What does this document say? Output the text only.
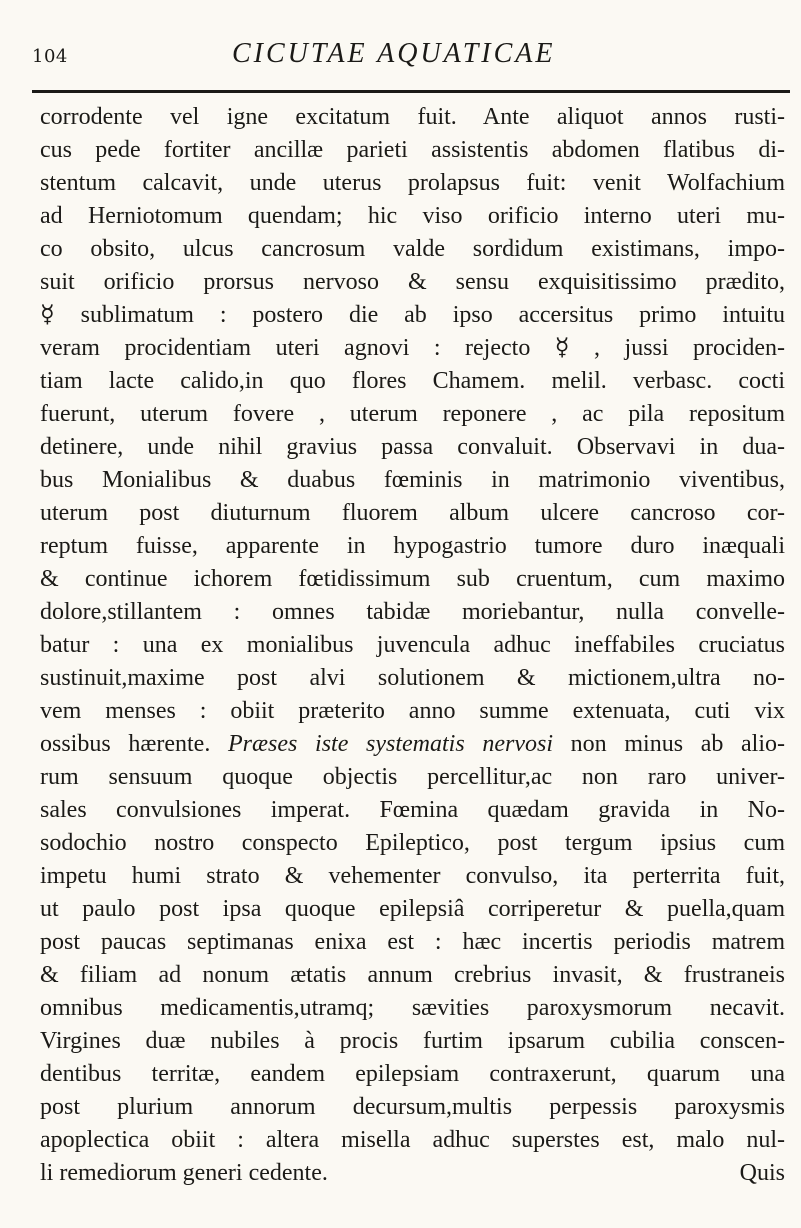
104	CICUTAE AQUATICAE
corrodente vel igne excitatum fuit. Ante aliquot annos rusti-
cus pede fortiter ancillæ parieti assistentis abdomen flatibus di-
stentum calcavit, unde uterus prolapsus fuit: venit Wolfachium
ad Herniotomum quendam; hic viso orificio interno uteri mu-
co obsito, ulcus cancrosum valde sordidum existimans, impo-
suit orificio prorsus nervoso & sensu exquisitissimo prædito,
☿ sublimatum : postero die ab ipso accersitus primo intuitu
veram procidentiam uteri agnovi : rejecto ☿ , jussi prociden-
tiam lacte calido,in quo flores Chamem. melil. verbasc. cocti
fuerunt, uterum fovere , uterum reponere , ac pila repositum
detinere, unde nihil gravius passa convaluit. Observavi in dua-
bus Monialibus & duabus fœminis in matrimonio viventibus,
uterum post diuturnum fluorem album ulcere cancroso cor-
reptum fuisse, apparente in hypogastrio tumore duro inæquali
& continue ichorem fœtidissimum sub cruentum, cum maximo
dolore,stillantem : omnes tabidæ moriebantur, nulla convelle-
batur : una ex monialibus juvencula adhuc ineffabiles cruciatus
sustinuit,maxime post alvi solutionem & mictionem,ultra no-
vem menses : obiit præterito anno summe extenuata, cuti vix
ossibus hærente. Præses iste systematis nervosi non minus ab alio-
rum sensuum quoque objectis percellitur,ac non raro univer-
sales convulsiones imperat. Fœmina quædam gravida in No-
sodochio nostro conspecto Epileptico, post tergum ipsius cum
impetu humi strato & vehementer convulso, ita perterrita fuit,
ut paulo post ipsa quoque epilepsiâ corriperetur & puella,quam
post paucas septimanas enixa est : hæc incertis periodis matrem
& filiam ad nonum ætatis annum crebrius invasit, & frustraneis
omnibus medicamentis,utramq; sævities paroxysmorum necavit.
Virgines duæ nubiles à procis furtim ipsarum cubilia conscen-
dentibus territæ, eandem epilepsiam contraxerunt, quarum una
post plurium annorum decursum,multis perpessis paroxysmis
apoplectica obiit : altera misella adhuc superstes est, malo nul-
li remediorum generi cedente.	Quis
